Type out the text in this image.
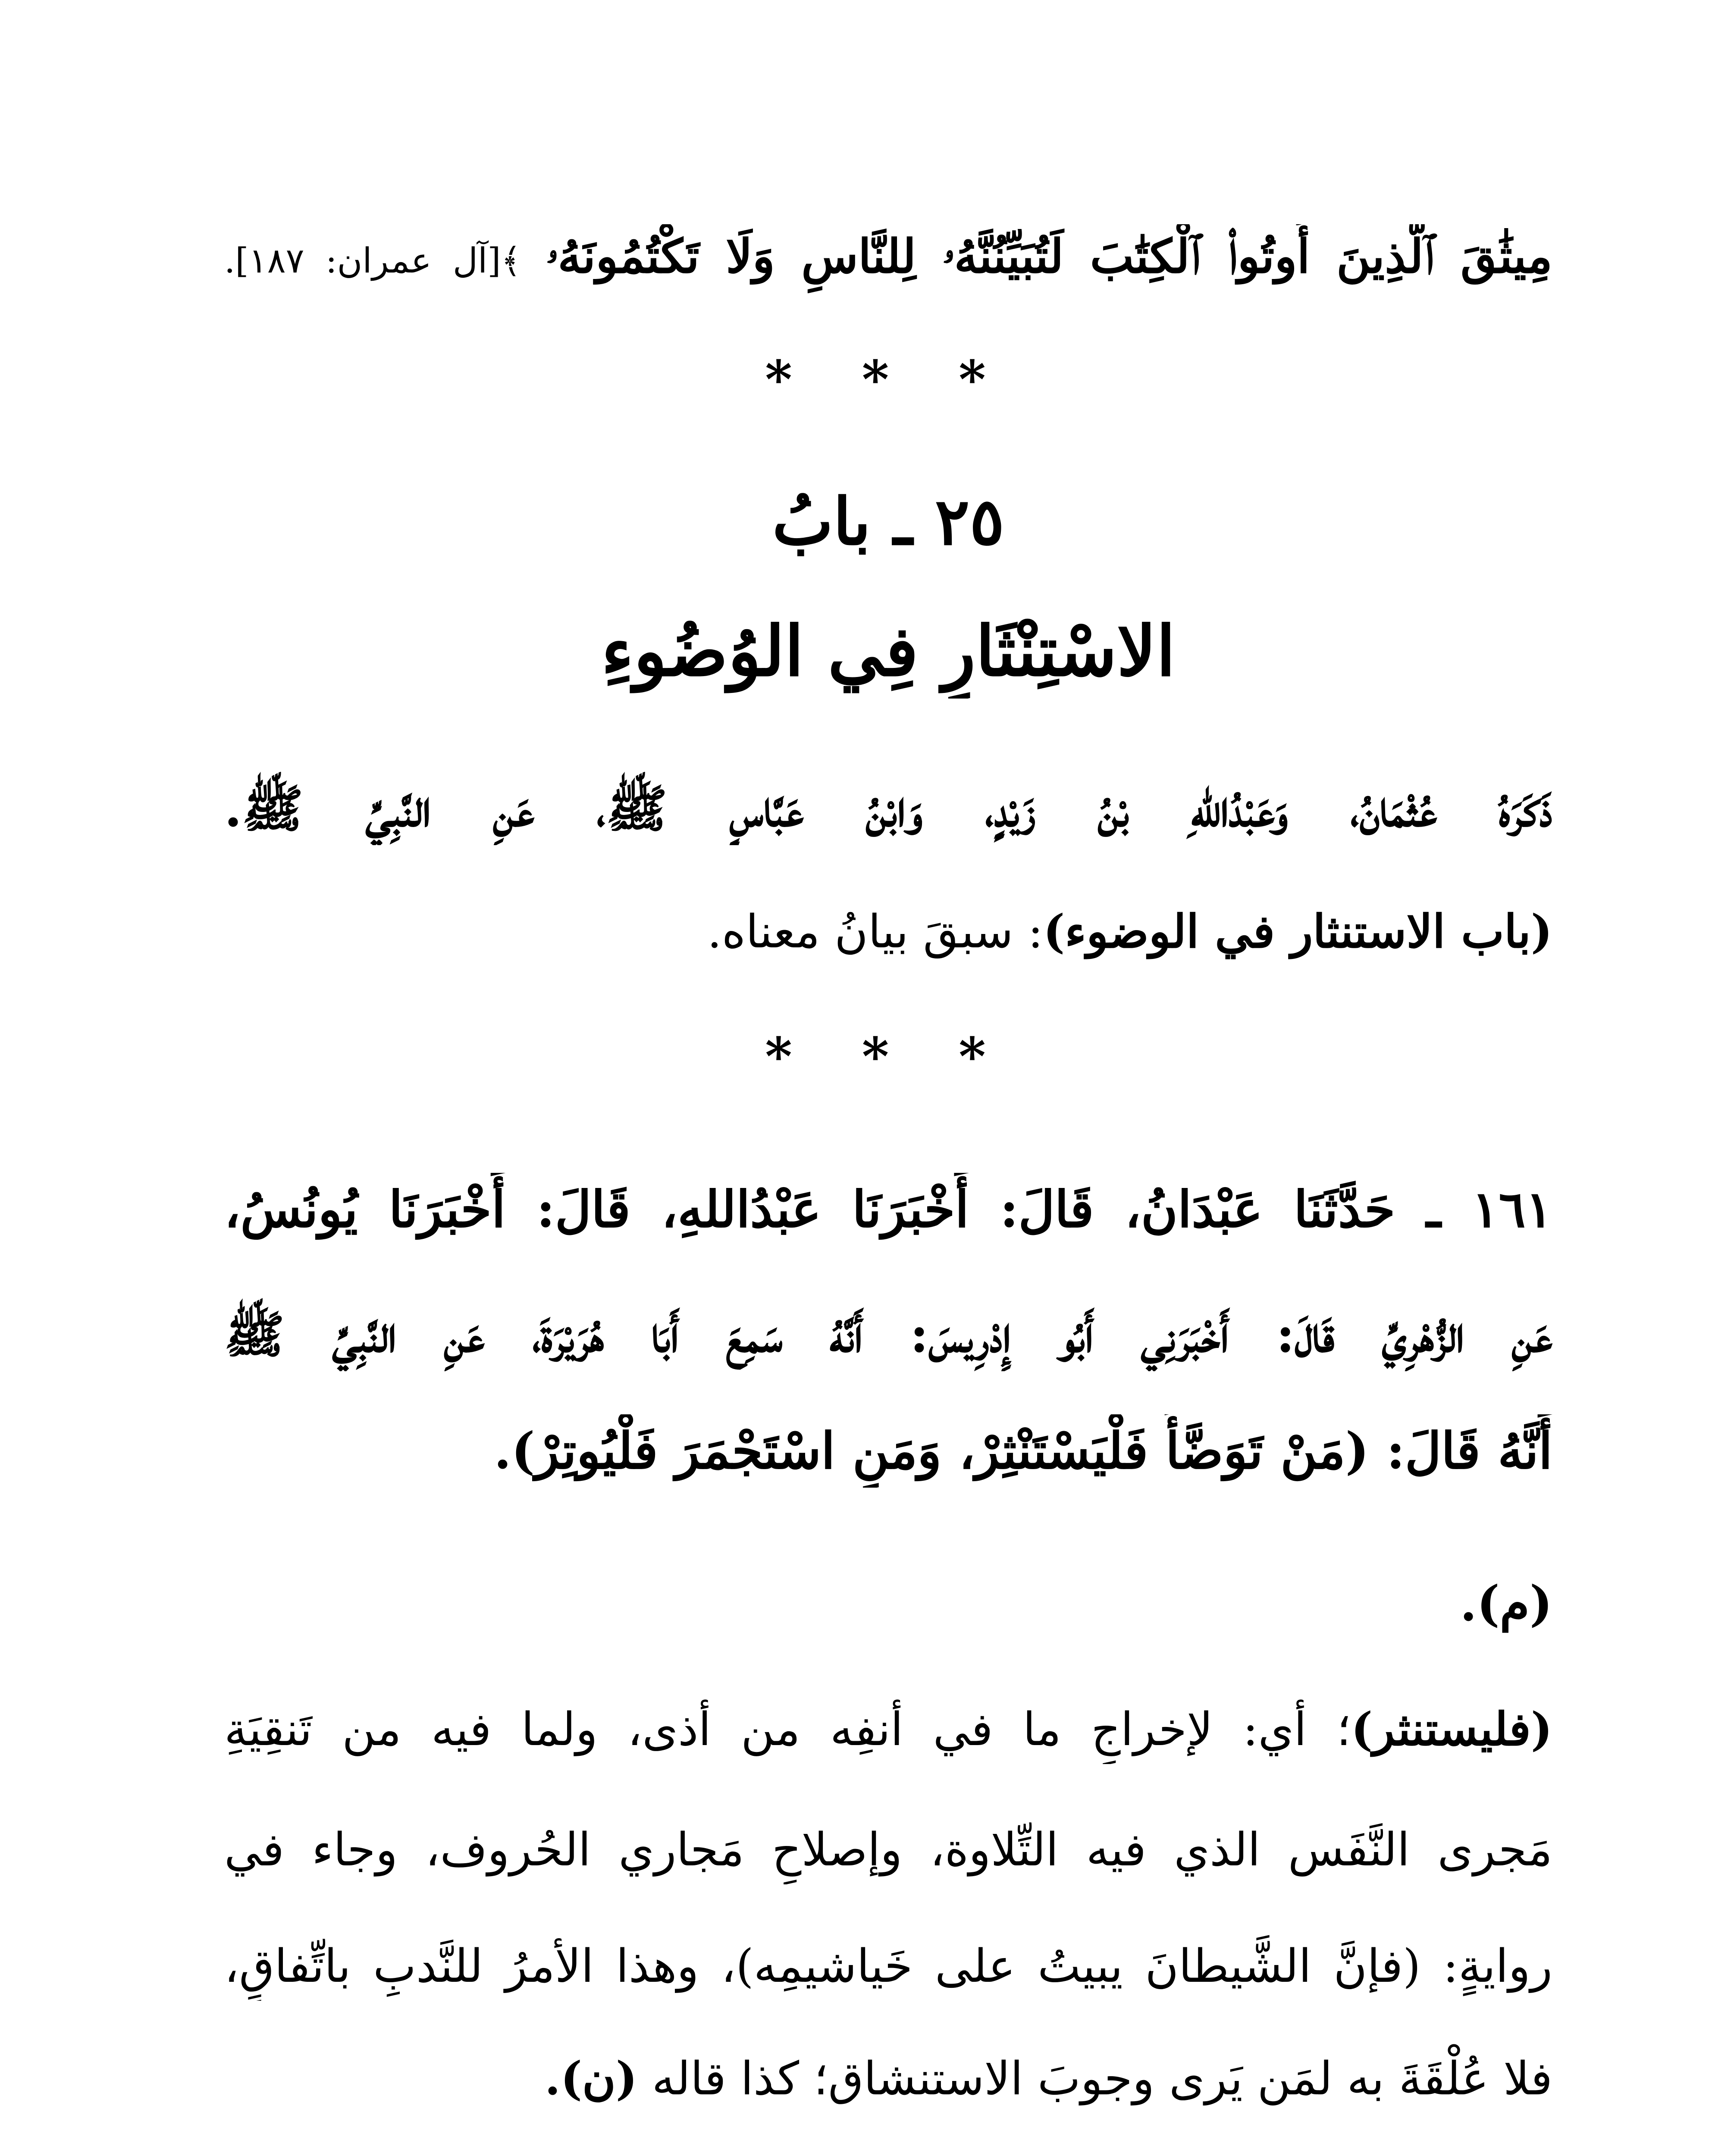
مِيثَٰقَ ٱلَّذِينَ أُوتُوا۟ ٱلْكِتَٰبَ لَتُبَيِّنُنَّهُۥ لِلنَّاسِ وَلَا تَكْتُمُونَهُۥ ﴾[آل عمران: ١٨٧].
* * *
٢٥ ـ بابُ
الاسْتِنْثَارِ فِي الوُضُوءِ
ذَكَرَهُ عُثْمَانُ، وَعَبْدُاللهِ بْنُ زَيْدٍ، وَابْنُ عَبَّاسٍ ﷺ، عَنِ النَّبِيِّ ﷺ.
(باب الاستنثار في الوضوء): سبقَ بيانُ معناه.
* * *
١٦١ ـ حَدَّثَنَا عَبْدَانُ، قَالَ: أَخْبَرَنَا عَبْدُاللهِ، قَالَ: أَخْبَرَنَا يُونُسُ،
عَنِ الزُّهْرِيِّ قَالَ: أَخْبَرَنِي أَبُو إِدْرِيسَ: أَنَّهُ سَمِعَ أَبَا هُرَيْرَةَ، عَنِ النَّبِيِّ ﷺ
أَنَّهُ قَالَ: (مَنْ تَوَضَّأَ فَلْيَسْتَنْثِرْ، وَمَنِ اسْتَجْمَرَ فَلْيُوتِرْ).
(م).
(فليستنثر)؛ أي: لإخراجِ ما في أنفِه من أذى، ولما فيه من تَنقِيَةِ
مَجرى النَّفَس الذي فيه التِّلاوة، وإصلاحِ مَجاري الحُروف، وجاء في
روايةٍ: (فإنَّ الشَّيطانَ يبيتُ على خَياشيمِه)، وهذا الأمرُ للنَّدبِ باتِّفاقٍ،
فلا عُلْقَةَ به لمَن يَرى وجوبَ الاستنشاق؛ كذا قاله (ن).
